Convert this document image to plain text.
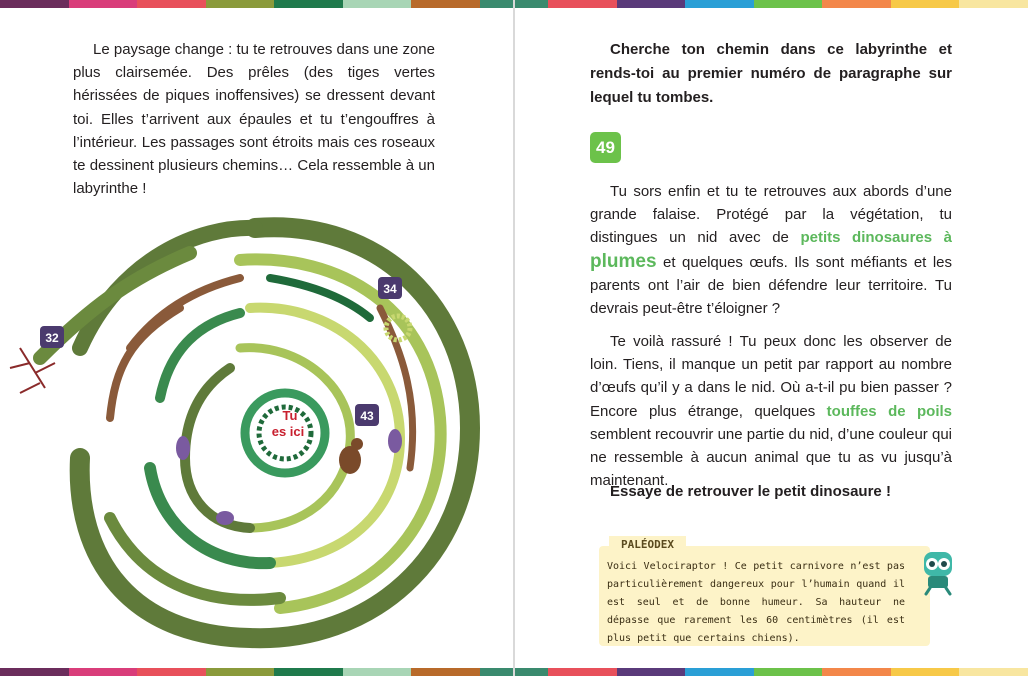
Le paysage change : tu te retrouves dans une zone plus clairsemée. Des prêles (des tiges vertes hérissées de piques inoffensives) se dressent devant toi. Elles t’arrivent aux épaules et tu t’engouffres à l’intérieur. Les passages sont étroits mais ces roseaux te dessinent plusieurs chemins… Cela ressemble à un labyrinthe !

Tu
es ici
32
34
43

Cherche ton chemin dans ce labyrinthe et rends-toi au premier numéro de paragraphe sur lequel tu tombes.

49

Tu sors enfin et tu te retrouves aux abords d’une grande falaise. Protégé par la végétation, tu distingues un nid avec de petits dinosaures à plumes et quelques œufs. Ils sont méfiants et les parents ont l’air de bien défendre leur territoire. Tu devrais peut-être t’éloigner ?

Te voilà rassuré ! Tu peux donc les observer de loin. Tiens, il manque un petit par rapport au nombre d’œufs qu’il y a dans le nid. Où a-t-il pu bien passer ? Encore plus étrange, quelques touffes de poils semblent recouvrir une partie du nid, d’une couleur qui ne ressemble à aucun animal que tu as vu jusqu’à maintenant.

Essaye de retrouver le petit dinosaure !

PALÉODEX

Voici Velociraptor ! Ce petit carnivore n’est pas particulièrement dangereux pour l’humain quand il est seul et de bonne humeur. Sa hauteur ne dépasse que rarement les 60 centimètres (il est plus petit que certains chiens).
